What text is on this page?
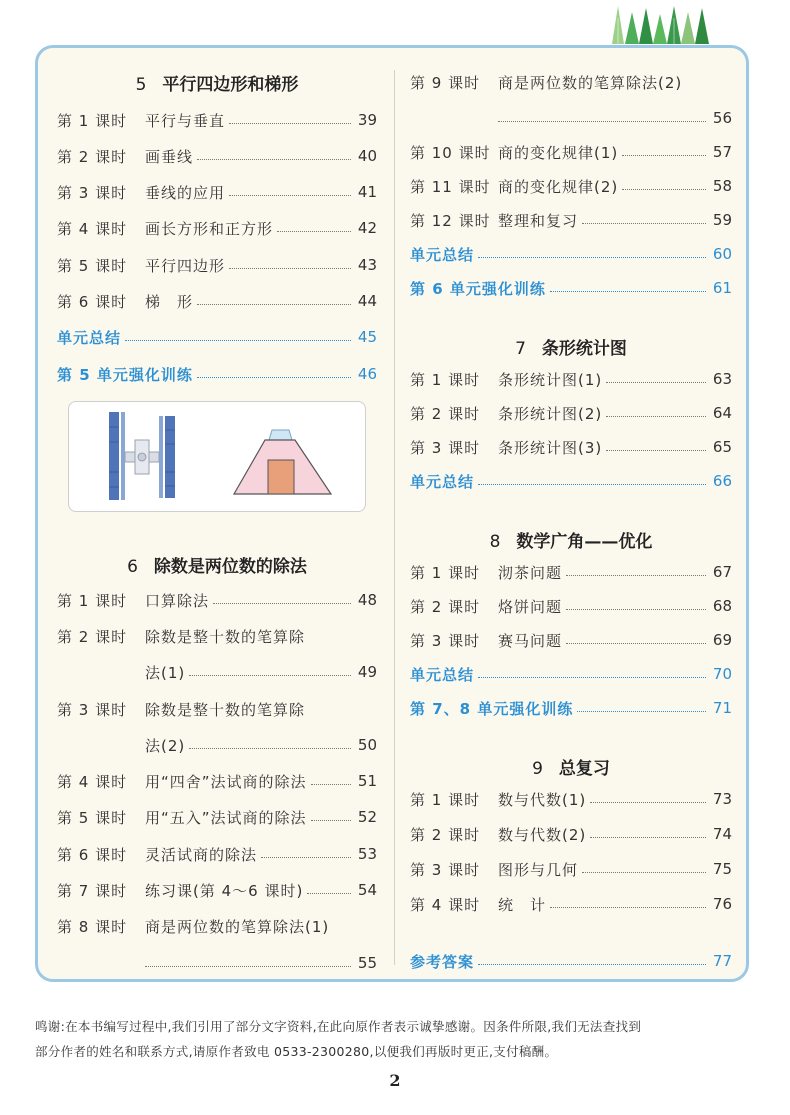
5 平行四边形和梯形
第 1 课时	平行与垂直	39
第 2 课时	画垂线	40
第 3 课时	垂线的应用	41
第 4 课时	画长方形和正方形	42
第 5 课时	平行四边形	43
第 6 课时	梯　形	44
单元总结	45
第 5 单元强化训练	46
6 除数是两位数的除法
第 1 课时	口算除法	48
第 2 课时	除数是整十数的笔算除
法(1)	49
第 3 课时	除数是整十数的笔算除
法(2)	50
第 4 课时	用“四舍”法试商的除法	51
第 5 课时	用“五入”法试商的除法	52
第 6 课时	灵活试商的除法	53
第 7 课时	练习课(第 4～6 课时)	54
第 8 课时	商是两位数的笔算除法(1)
55
第 9 课时	商是两位数的笔算除法(2)
56
第 10 课时 商的变化规律(1)	57
第 11 课时 商的变化规律(2)	58
第 12 课时 整理和复习	59
单元总结	60
第 6 单元强化训练	61
7 条形统计图
第 1 课时	条形统计图(1)	63
第 2 课时	条形统计图(2)	64
第 3 课时	条形统计图(3)	65
单元总结	66
8 数学广角——优化
第 1 课时	沏茶问题	67
第 2 课时	烙饼问题	68
第 3 课时	赛马问题	69
单元总结	70
第 7、8 单元强化训练	71
9 总复习
第 1 课时	数与代数(1)	73
第 2 课时	数与代数(2)	74
第 3 课时	图形与几何	75
第 4 课时	统　计	76
参考答案	77
鸣谢:在本书编写过程中,我们引用了部分文字资料,在此向原作者表示诚挚感谢。因条件所限,我们无法查找到
部分作者的姓名和联系方式,请原作者致电 0533-2300280,以便我们再版时更正,支付稿酬。
2
